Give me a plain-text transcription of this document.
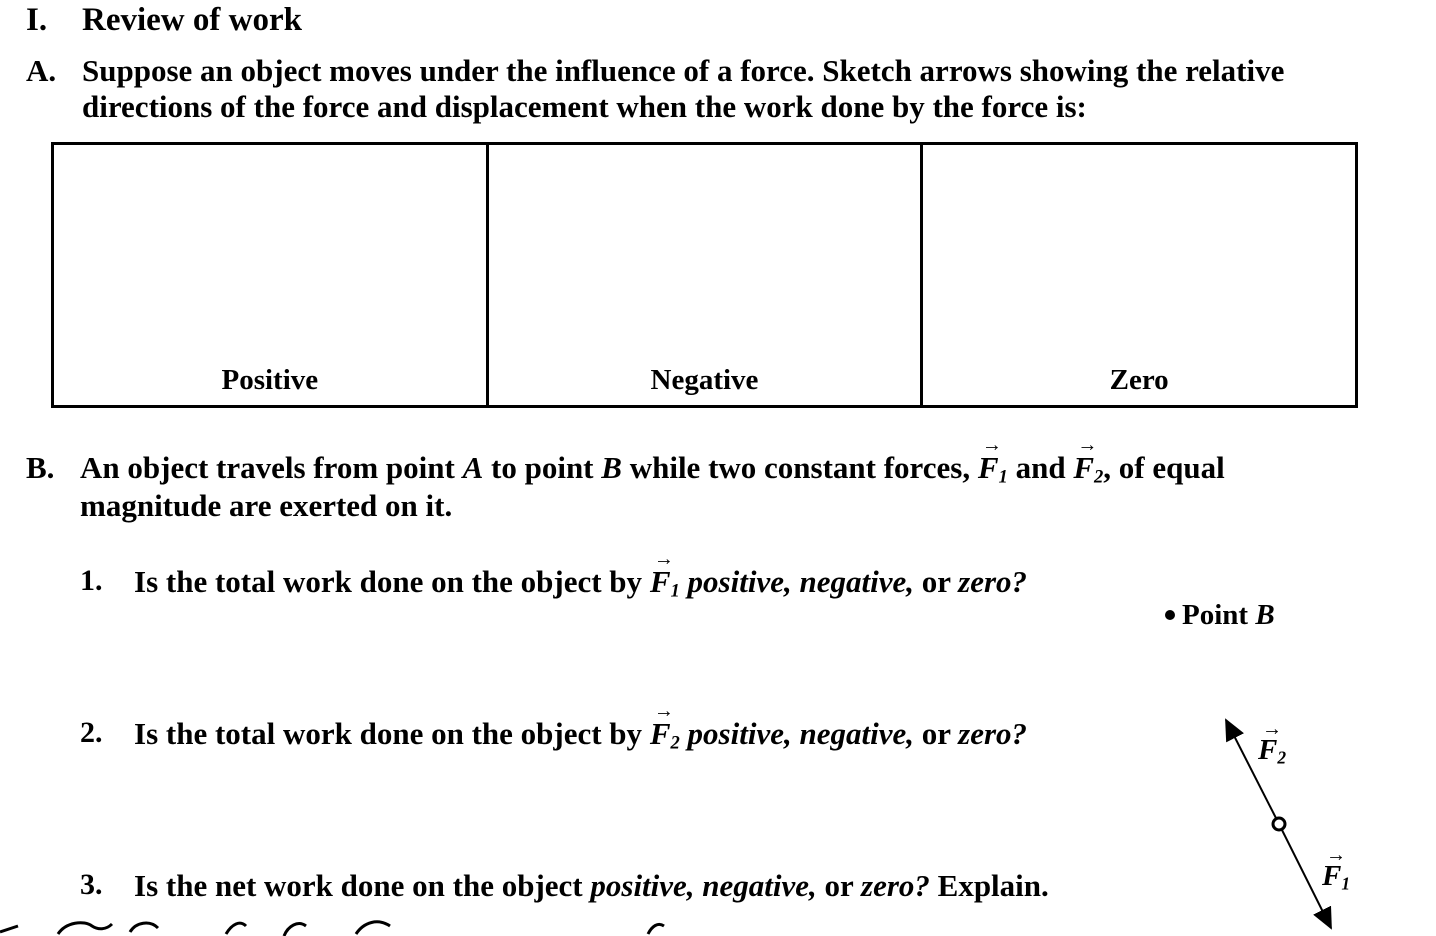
I. Review of work
A. Suppose an object moves under the influence of a force. Sketch arrows showing the relative
directions of the force and displacement when the work done by the force is:
Positive	Negative	Zero
B. An object travels from point A to point B while two constant forces, → $F_1$ and → $F_2$, of equal
magnitude are exerted on it.
1. Is the total work done on the object by → $F_1$ positive, negative, or zero?
2. Is the total work done on the object by → $F_2$ positive, negative, or zero?
3. Is the net work done on the object positive, negative, or zero? Explain.
Point B
→ $F_2$
→ $F_1$
